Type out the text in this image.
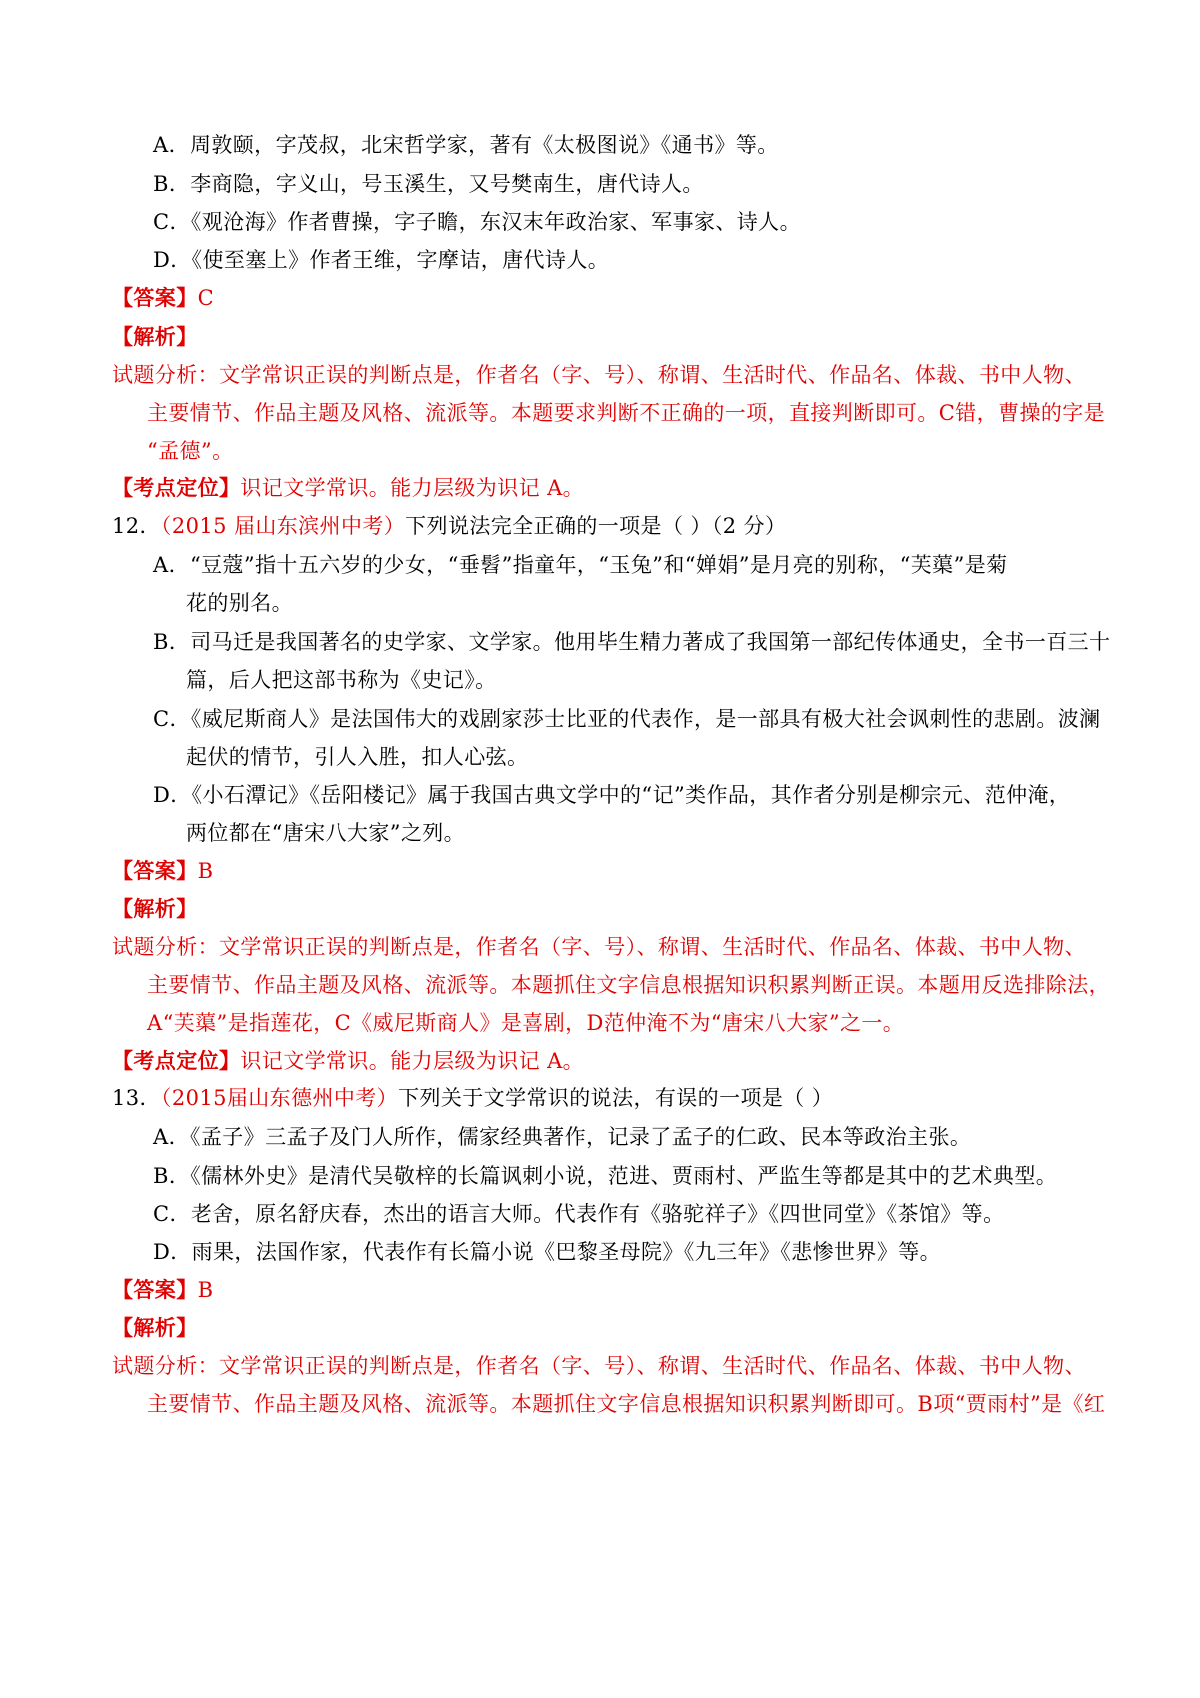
A．周敦颐，字茂叔，北宋哲学家，著有《太极图说》《通书》等。
B．李商隐，字义山，号玉溪生，又号樊南生，唐代诗人。
C．《观沧海》作者曹操，字子瞻，东汉末年政治家、军事家、诗人。
D．《使至塞上》作者王维，字摩诘，唐代诗人。
【答案】C
【解析】
试题分析：文学常识正误的判断点是，作者名（字、号）、称谓、生活时代、作品名、体裁、书中人物、
主要情节、作品主题及风格、流派等。本题要求判断不正确的一项，直接判断即可。C错，曹操的字是
“孟德”。
【考点定位】识记文学常识。能力层级为识记 A。
12．（2015 届山东滨州中考）下列说法完全正确的一项是（ ）（2 分）
A．“豆蔻”指十五六岁的少女，“垂髫”指童年，“玉兔”和“婵娟”是月亮的别称，“芙蕖”是菊
花的别名。
B．司马迁是我国著名的史学家、文学家。他用毕生精力著成了我国第一部纪传体通史，全书一百三十
篇，后人把这部书称为《史记》。
C．《威尼斯商人》是法国伟大的戏剧家莎士比亚的代表作，是一部具有极大社会讽刺性的悲剧。波澜
起伏的情节，引人入胜，扣人心弦。
D．《小石潭记》《岳阳楼记》属于我国古典文学中的“记”类作品，其作者分别是柳宗元、范仲淹，
两位都在“唐宋八大家”之列。
【答案】B
【解析】
试题分析：文学常识正误的判断点是，作者名（字、号）、称谓、生活时代、作品名、体裁、书中人物、
主要情节、作品主题及风格、流派等。本题抓住文字信息根据知识积累判断正误。本题用反选排除法，
A“芙蕖”是指莲花，C《威尼斯商人》是喜剧，D范仲淹不为“唐宋八大家”之一。
【考点定位】识记文学常识。能力层级为识记 A。
13．（2015届山东德州中考）下列关于文学常识的说法，有误的一项是（ ）
A．《孟子》三孟子及门人所作，儒家经典著作，记录了孟子的仁政、民本等政治主张。
B．《儒林外史》是清代吴敬梓的长篇讽刺小说，范进、贾雨村、严监生等都是其中的艺术典型。
C．老舍，原名舒庆春，杰出的语言大师。代表作有《骆驼祥子》《四世同堂》《茶馆》等。
D．雨果，法国作家，代表作有长篇小说《巴黎圣母院》《九三年》《悲惨世界》等。
【答案】B
【解析】
试题分析：文学常识正误的判断点是，作者名（字、号）、称谓、生活时代、作品名、体裁、书中人物、
主要情节、作品主题及风格、流派等。本题抓住文字信息根据知识积累判断即可。B项“贾雨村”是《红
